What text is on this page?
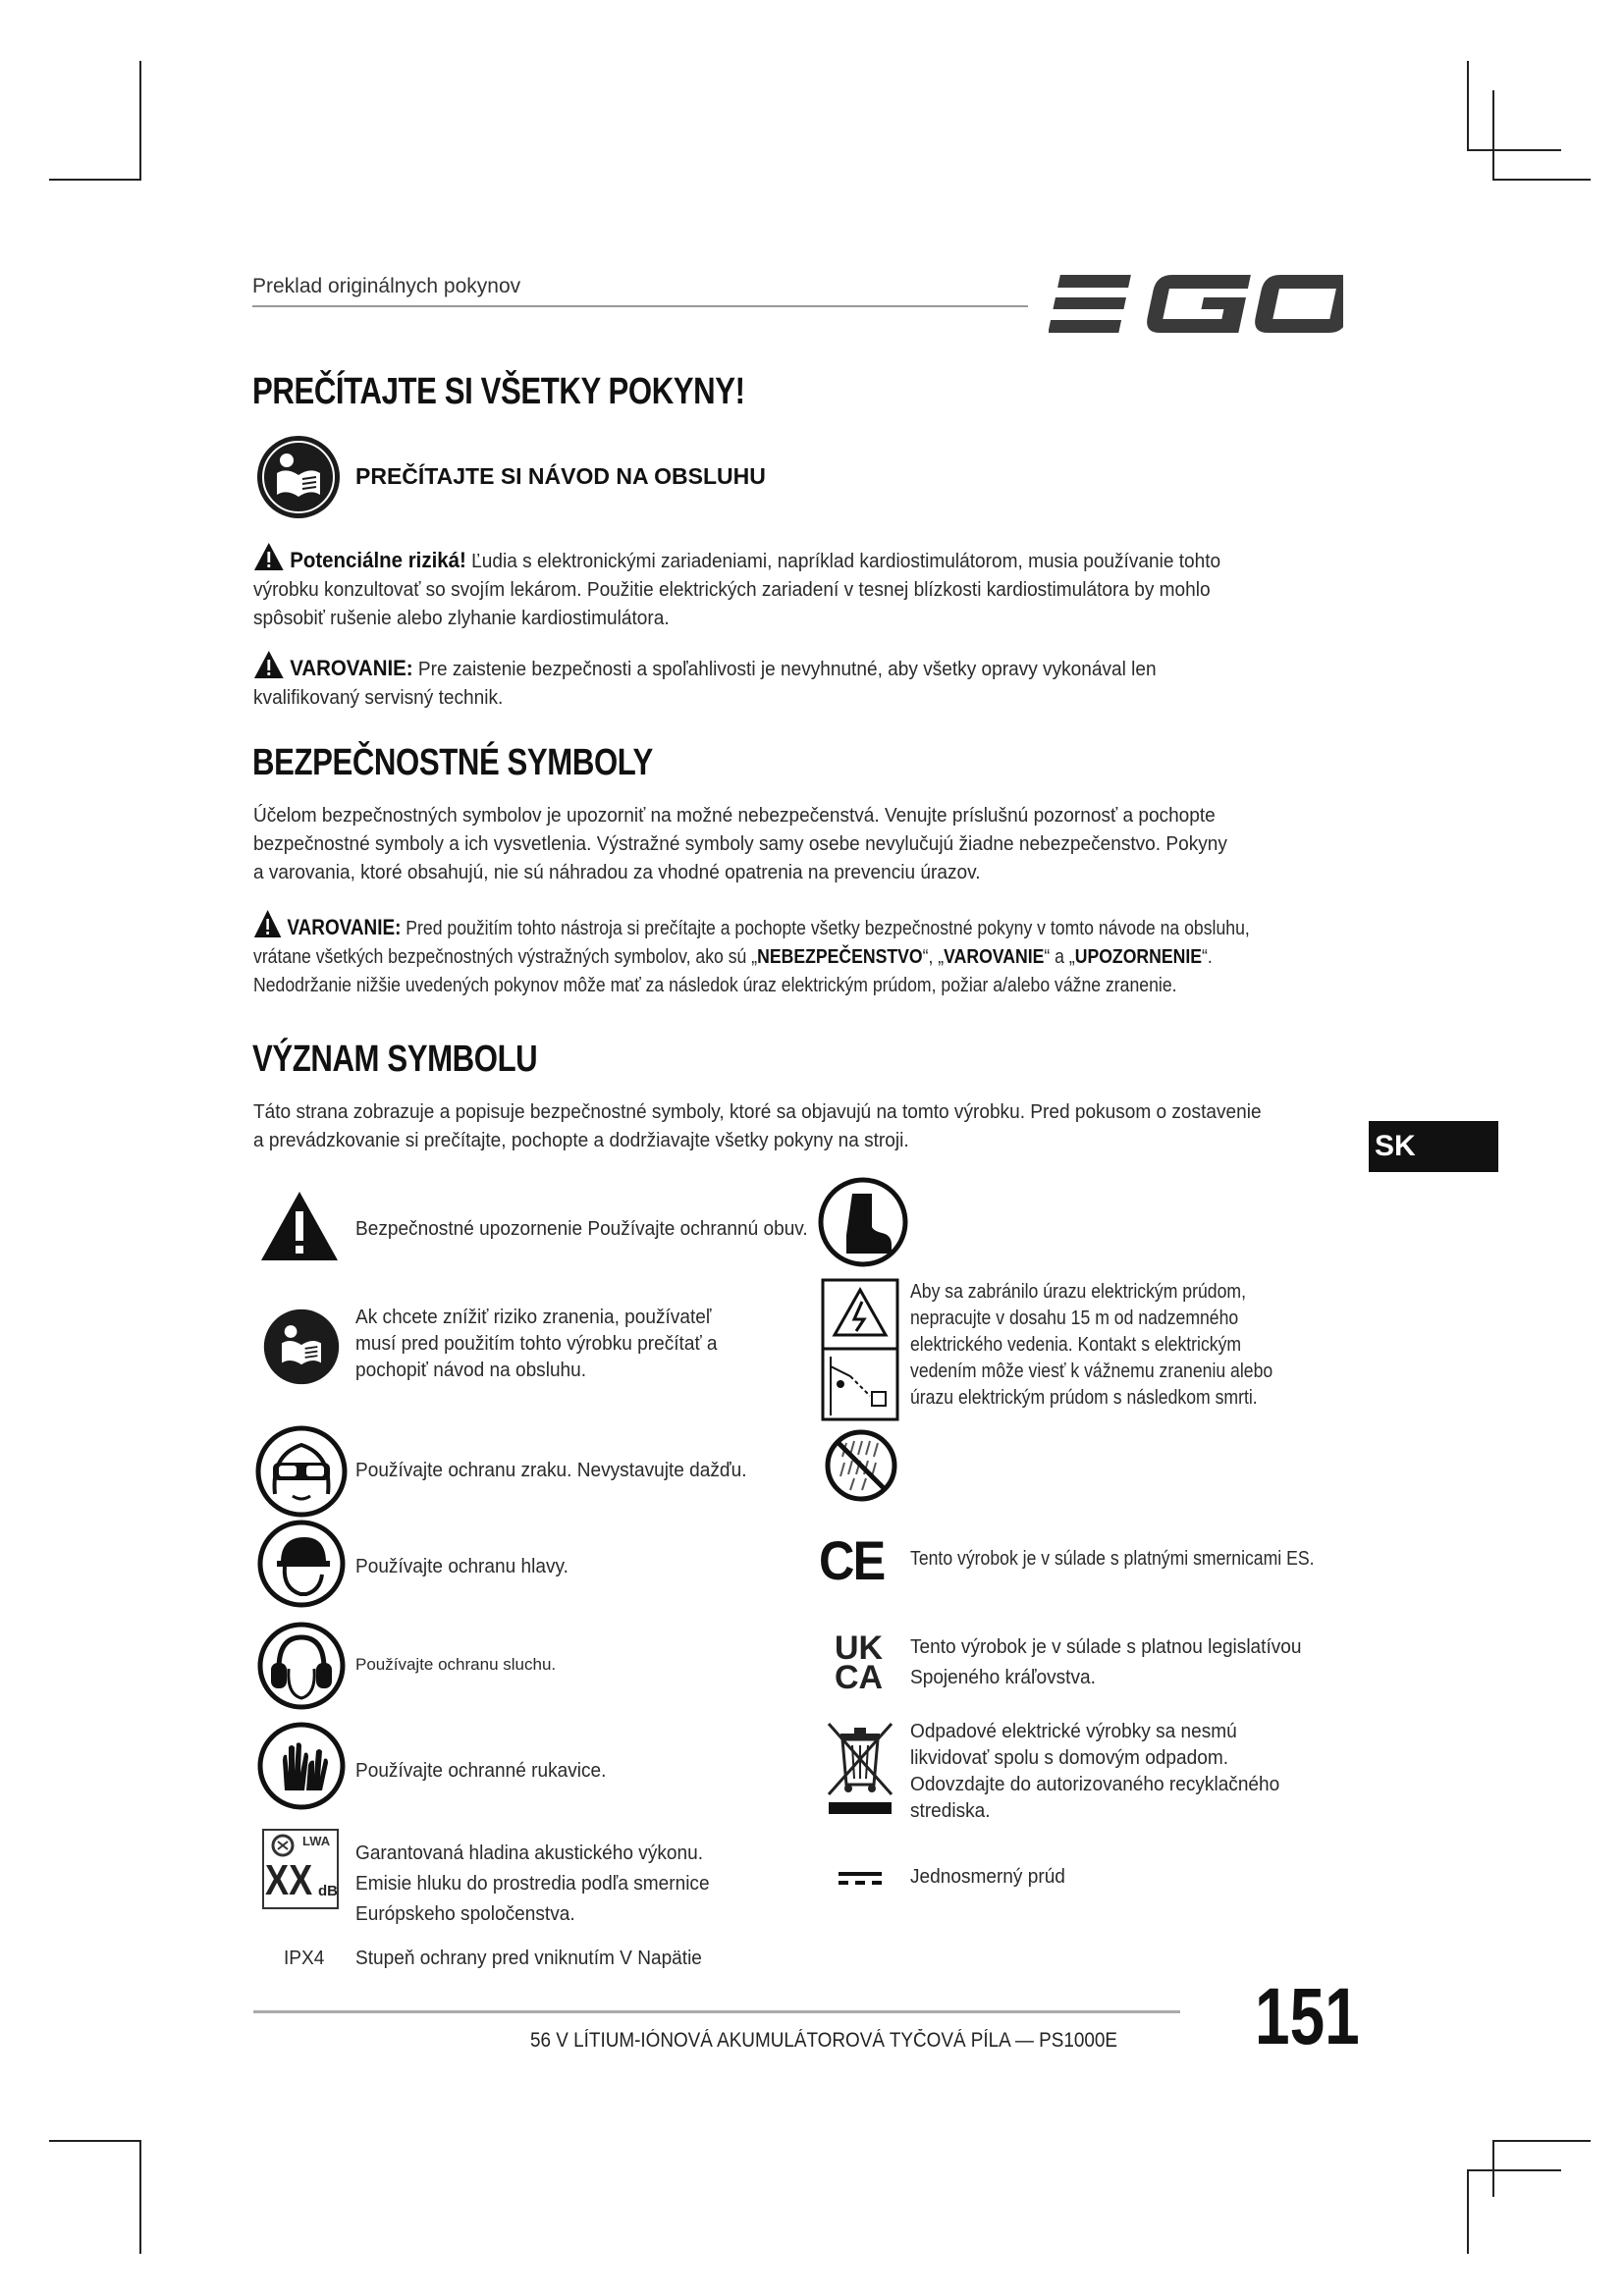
Preklad originálnych pokynov
PREČÍTAJTE SI VŠETKY POKYNY!
PREČÍTAJTE SI NÁVOD NA OBSLUHU
Potenciálne riziká! Ľudia s elektronickými zariadeniami, napríklad kardiostimulátorom, musia používanie tohto
výrobku konzultovať so svojím lekárom. Použitie elektrických zariadení v tesnej blízkosti kardiostimulátora by mohlo
spôsobiť rušenie alebo zlyhanie kardiostimulátora.
VAROVANIE: Pre zaistenie bezpečnosti a spoľahlivosti je nevyhnutné, aby všetky opravy vykonával len
kvalifikovaný servisný technik.
BEZPEČNOSTNÉ SYMBOLY
Účelom bezpečnostných symbolov je upozorniť na možné nebezpečenstvá. Venujte príslušnú pozornosť a pochopte
bezpečnostné symboly a ich vysvetlenia. Výstražné symboly samy osebe nevylučujú žiadne nebezpečenstvo. Pokyny
a varovania, ktoré obsahujú, nie sú náhradou za vhodné opatrenia na prevenciu úrazov.
VAROVANIE: Pred použitím tohto nástroja si prečítajte a pochopte všetky bezpečnostné pokyny v tomto návode na obsluhu,
vrátane všetkých bezpečnostných výstražných symbolov, ako sú „NEBEZPEČENSTVO“, „VAROVANIE“ a „UPOZORNENIE“.
Nedodržanie nižšie uvedených pokynov môže mať za následok úraz elektrickým prúdom, požiar a/alebo vážne zranenie.
VÝZNAM SYMBOLU
Táto strana zobrazuje a popisuje bezpečnostné symboly, ktoré sa objavujú na tomto výrobku. Pred pokusom o zostavenie
a prevádzkovanie si prečítajte, pochopte a dodržiavajte všetky pokyny na stroji.	SK
Bezpečnostné upozornenie Používajte ochrannú obuv.
Ak chcete znížiť riziko zranenia, používateľ
musí pred použitím tohto výrobku prečítať a
pochopiť návod na obsluhu.
Používajte ochranu zraku. Nevystavujte dažďu.
Používajte ochranu hlavy.
Používajte ochranu sluchu.
Používajte ochranné rukavice.
LWA
XX dB
Garantovaná hladina akustického výkonu.
Emisie hluku do prostredia podľa smernice
Európskeho spoločenstva.
IPX4 Stupeň ochrany pred vniknutím V Napätie
Aby sa zabránilo úrazu elektrickým prúdom,
nepracujte v dosahu 15 m od nadzemného
elektrického vedenia. Kontakt s elektrickým
vedením môže viesť k vážnemu zraneniu alebo
úrazu elektrickým prúdom s následkom smrti.
CE Tento výrobok je v súlade s platnými smernicami ES.
UK
CA
Tento výrobok je v súlade s platnou legislatívou
Spojeného kráľovstva.
Odpadové elektrické výrobky sa nesmú
likvidovať spolu s domovým odpadom.
Odovzdajte do autorizovaného recyklačného
strediska.
Jednosmerný prúd
56 V LÍTIUM-IÓNOVÁ AKUMULÁTOROVÁ TYČOVÁ PÍLA — PS1000E	151
